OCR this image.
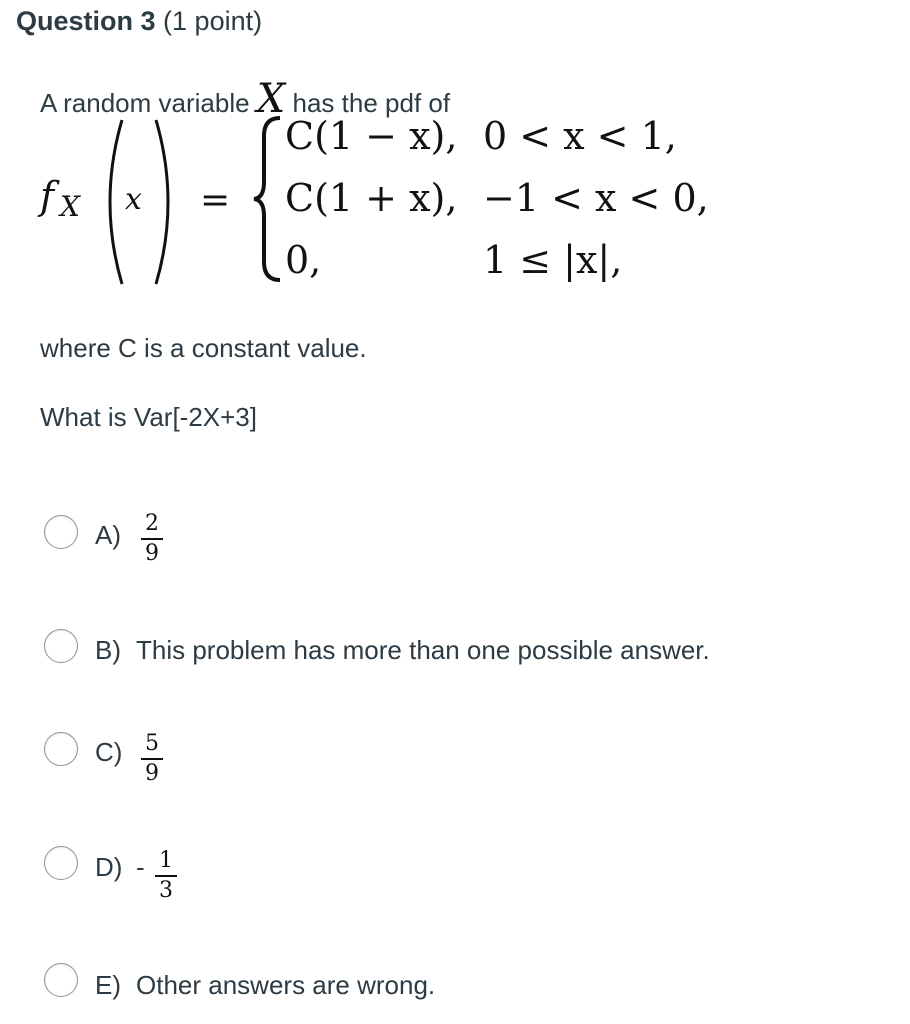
Question 3 (1 point)
A random variable X has the pdf of
f X x =
C(1 − x), 0 < x < 1,
C(1 + x), −1 < x < 0,
0,	1 ≤ |x|,
where C is a constant value.
What is Var[-2X+3]
A) 2
9
B) This problem has more than one possible answer.
C) 5
9
D) - 1
3
E) Other answers are wrong.
